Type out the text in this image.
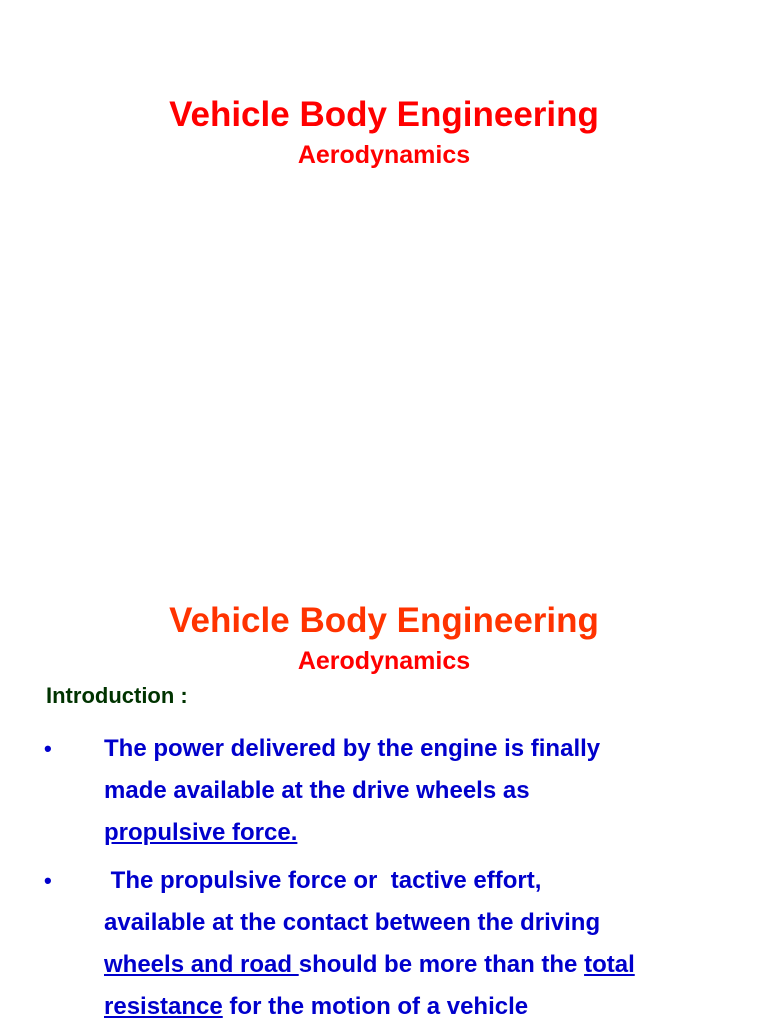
Vehicle Body Engineering
Aerodynamics
Vehicle Body Engineering
Aerodynamics
Introduction :
• The power delivered by the engine is finally
made available at the drive wheels as
propulsive force.
• The propulsive force or  tactive effort,
available at the contact between the driving
wheels and road should be more than the total
resistance for the motion of a vehicle
